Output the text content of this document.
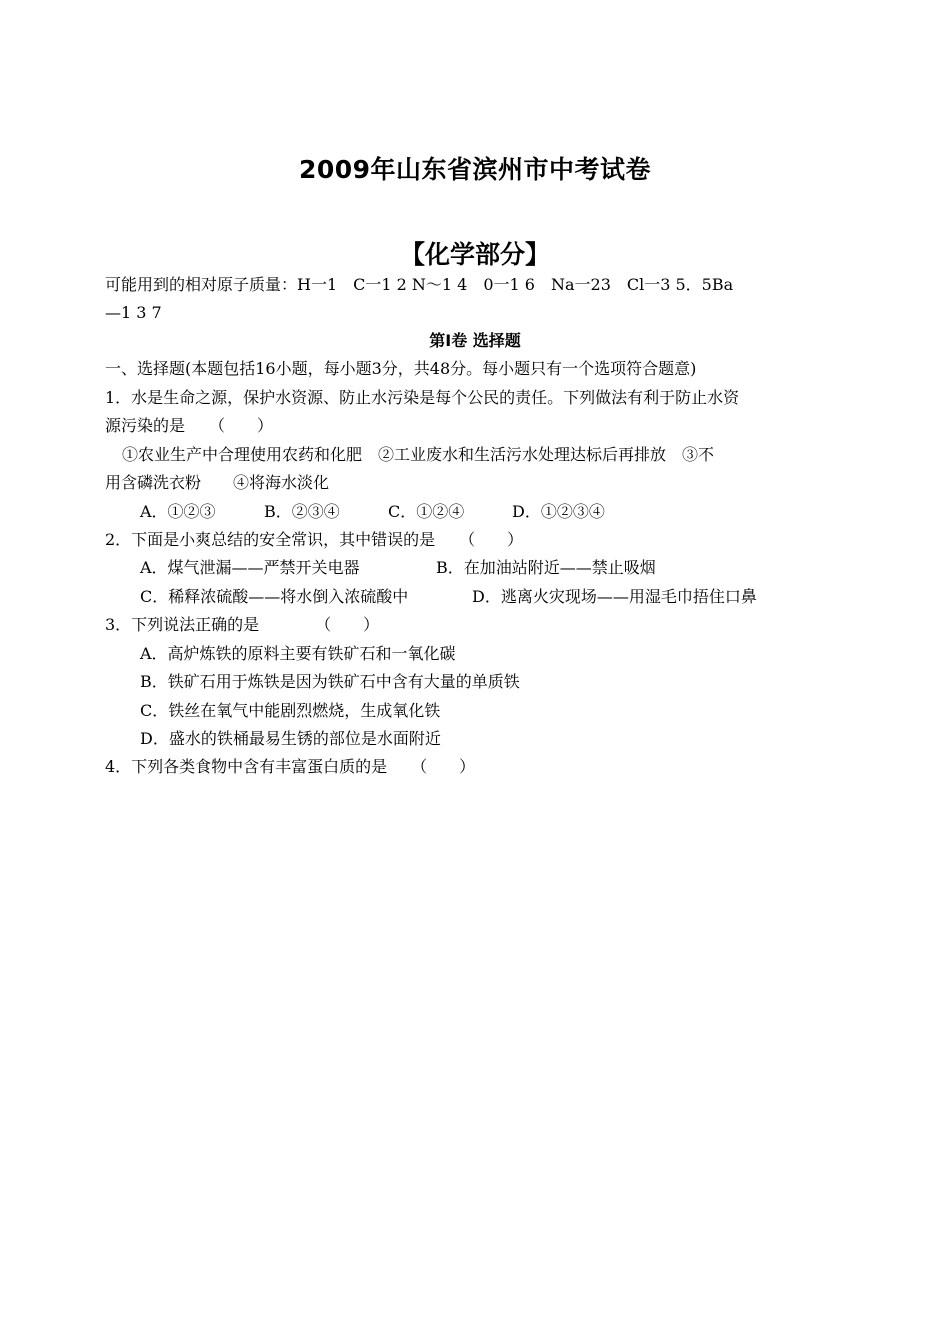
2009年山东省滨州市中考试卷
【化学部分】
可能用到的相对原子质量：H一1　C一1 2 N～1 4　0一1 6　Na一23　Cl一3 5．5Ba
—1 3 7
第Ⅰ卷 选择题
一、选择题(本题包括16小题，每小题3分，共48分。每小题只有一个选项符合题意)
1．水是生命之源，保护水资源、防止水污染是每个公民的责任。下列做法有利于防止水资
源污染的是　　（　　）
①农业生产中合理使用农药和化肥　②工业废水和生活污水处理达标后再排放　③不
用含磷洗衣粉　　④将海水淡化
A．①②③	B．②③④	C．①②④	D．①②③④
2．下面是小爽总结的安全常识，其中错误的是　　（　　）
A．煤气泄漏——严禁开关电器	B．在加油站附近——禁止吸烟
C．稀释浓硫酸——将水倒入浓硫酸中	D．逃离火灾现场——用湿毛巾捂住口鼻
3．下列说法正确的是　　　　（　　）
A．高炉炼铁的原料主要有铁矿石和一氧化碳
B．铁矿石用于炼铁是因为铁矿石中含有大量的单质铁
C．铁丝在氧气中能剧烈燃烧，生成氧化铁
D．盛水的铁桶最易生锈的部位是水面附近
4．下列各类食物中含有丰富蛋白质的是　　（　　）
